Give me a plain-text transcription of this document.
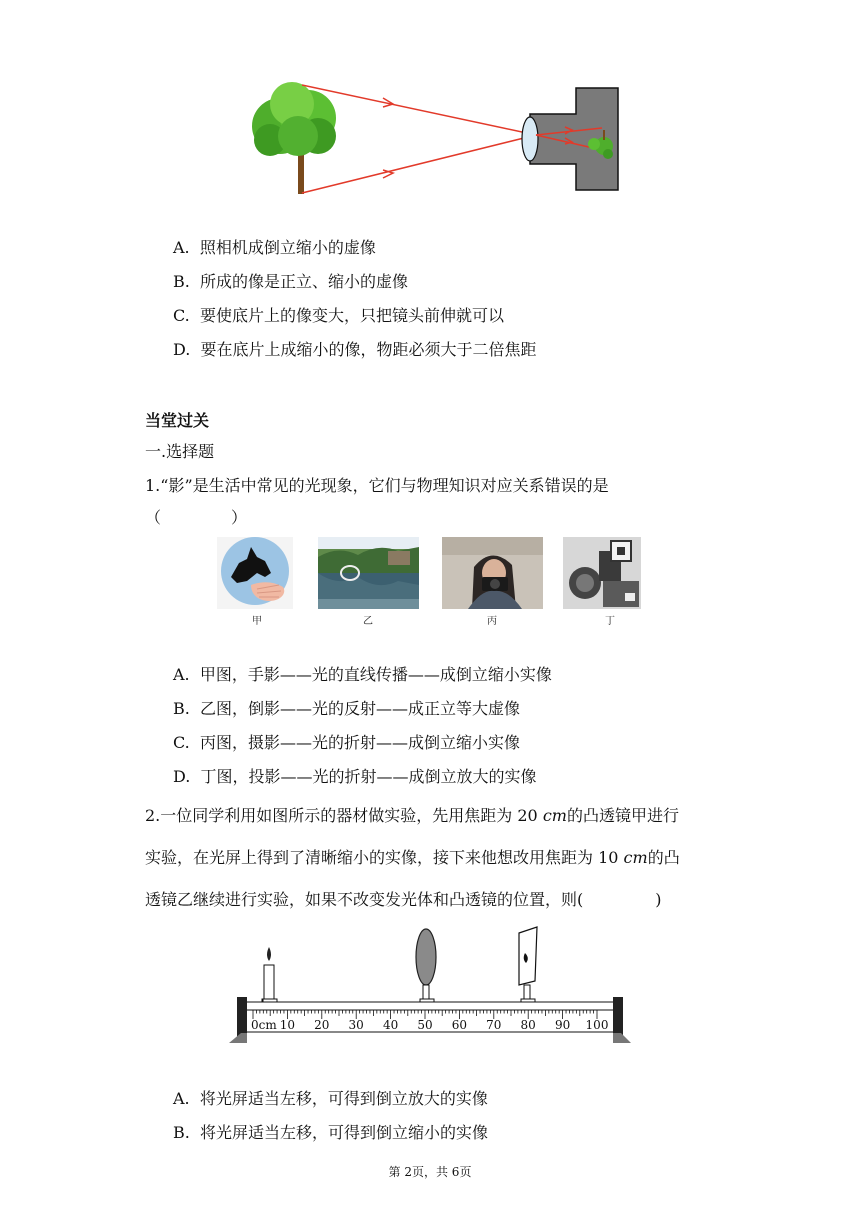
A. 照相机成倒立缩小的虚像
B. 所成的像是正立、缩小的虚像
C. 要使底片上的像变大，只把镜头前伸就可以
D. 要在底片上成缩小的像，物距必须大于二倍焦距
当堂过关
一.选择题
1.“影”是生活中常见的光现象，它们与物理知识对应关系错误的是
（	）
甲	乙	丙	丁
A. 甲图，手影——光的直线传播——成倒立缩小实像
B. 乙图，倒影——光的反射——成正立等大虚像
C. 丙图，摄影——光的折射——成倒立缩小实像
D. 丁图，投影——光的折射——成倒立放大的实像
2.一位同学利用如图所示的器材做实验，先用焦距为 20 cm的凸透镜甲进行
实验，在光屏上得到了清晰缩小的实像，接下来他想改用焦距为 10 cm的凸
透镜乙继续进行实验，如果不改变发光体和凸透镜的位置，则(	)
0cm 10 20 30 40 50 60 70 80 90 100
A. 将光屏适当左移，可得到倒立放大的实像
B. 将光屏适当左移，可得到倒立缩小的实像
第 2页，共 6页
